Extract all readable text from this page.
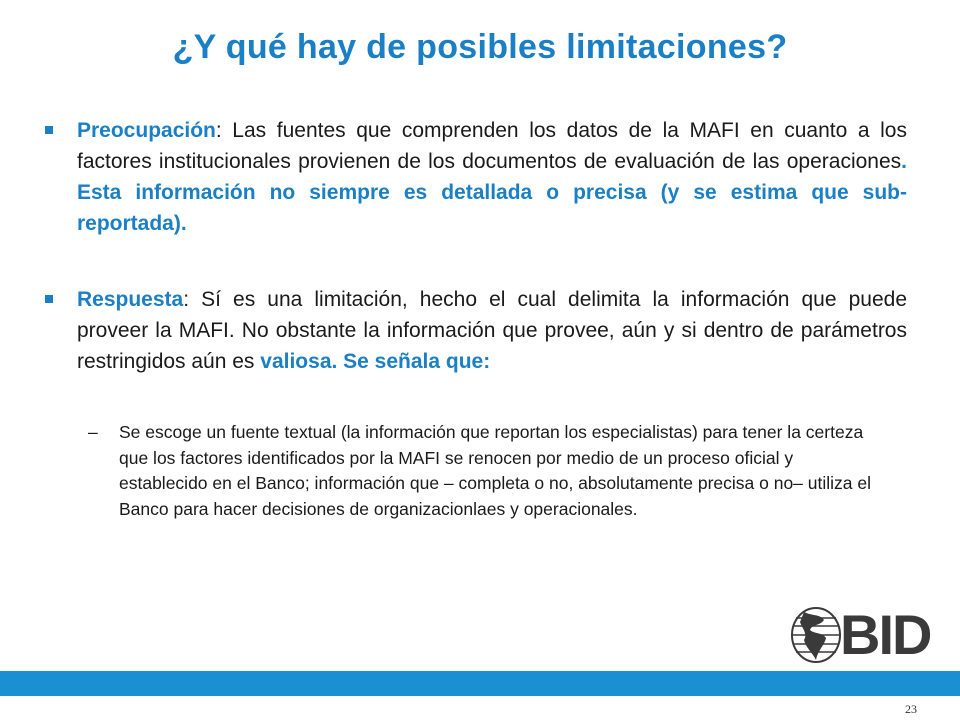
¿Y qué hay de posibles limitaciones?
Preocupación: Las fuentes que comprenden los datos de la MAFI en cuanto a los factores institucionales provienen de los documentos de evaluación de las operaciones. Esta información no siempre es detallada o precisa (y se estima que sub-reportada).
Respuesta: Sí es una limitación, hecho el cual delimita la información que puede proveer la MAFI. No obstante la información que provee, aún y si dentro de parámetros restringidos aún es valiosa. Se señala que:
– Se escoge un fuente textual (la información que reportan los especialistas) para tener la certeza que los factores identificados por la MAFI se renocen por medio de un proceso oficial y establecido en el Banco; información que – completa o no, absolutamente precisa o no– utiliza el Banco para hacer decisiones de organizacionlaes y operacionales.
BID
23
